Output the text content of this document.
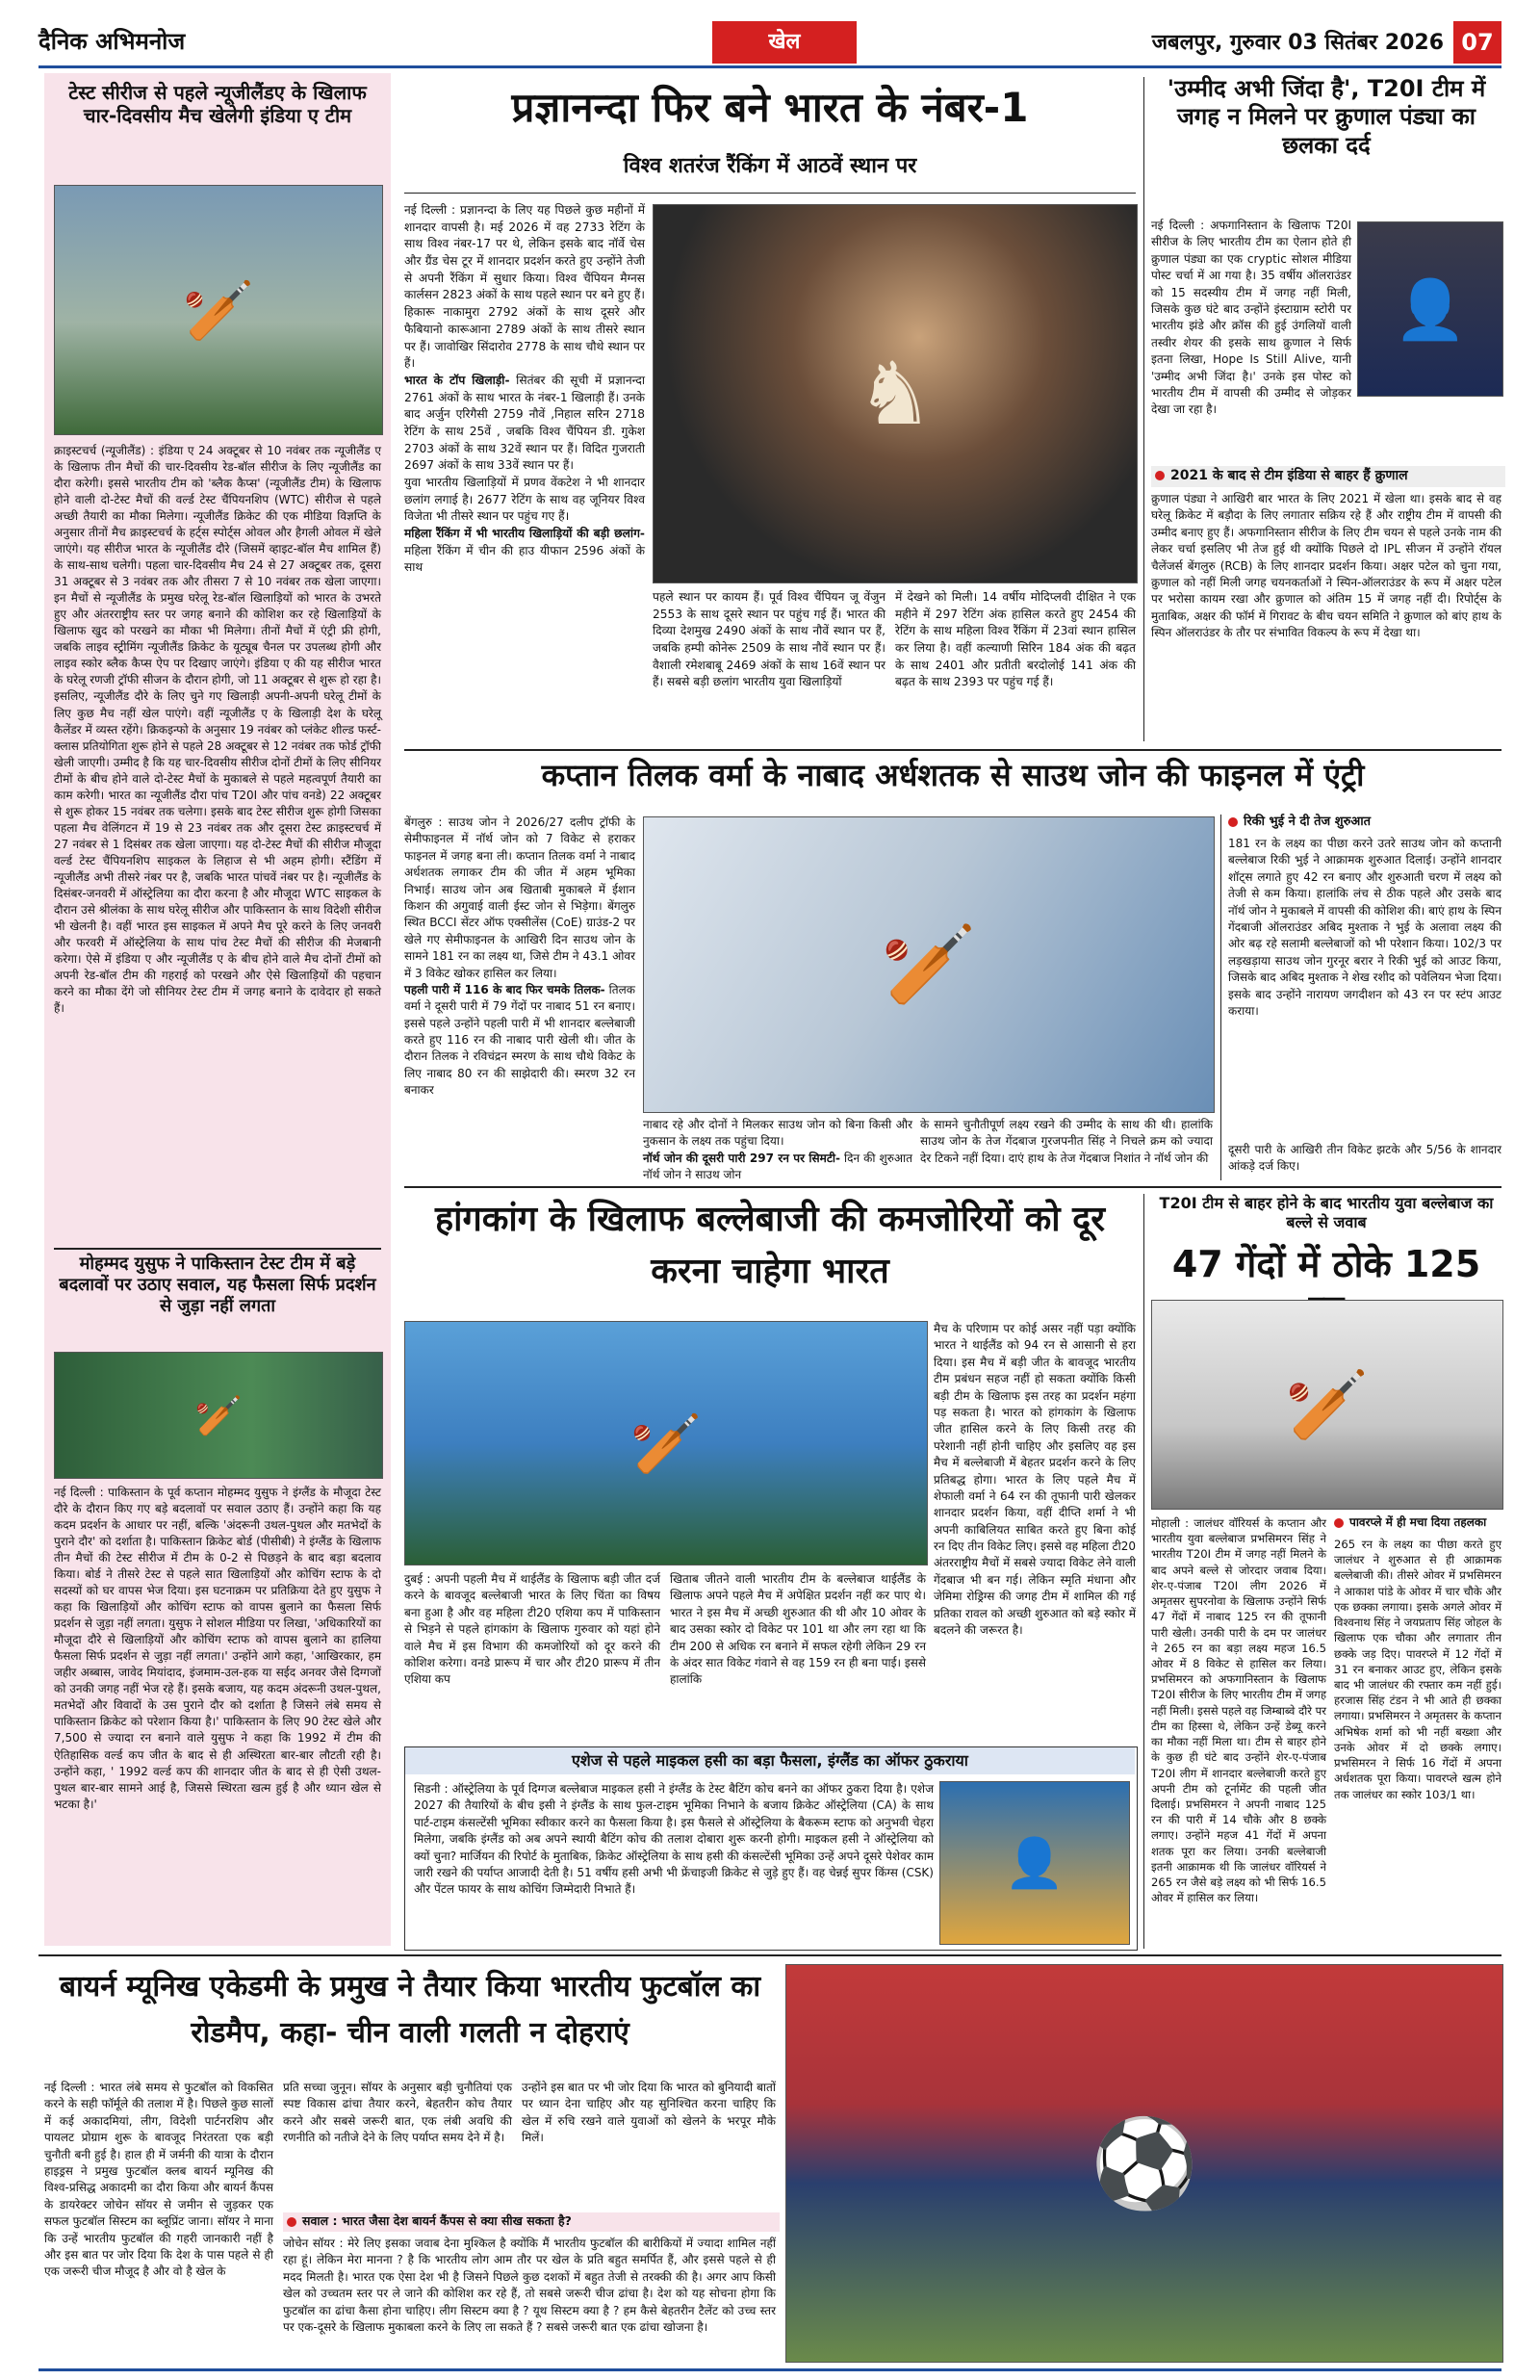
दैनिक अभिमनोज	खेल	जबलपुर, गुरुवार 03 सितंबर 2026 07
टेस्ट सीरीज से पहले न्यूजीलैंडए के खिलाफ चार-दिवसीय मैच खेलेगी इंडिया ए टीम
🏏
क्राइस्टचर्च (न्यूजीलैंड) : इंडिया ए 24 अक्टूबर से 10 नवंबर तक न्यूजीलैंड ए के खिलाफ तीन मैचों की चार-दिवसीय रेड-बॉल सीरीज के लिए न्यूजीलैंड का दौरा करेगी। इससे भारतीय टीम को 'ब्लैक कैप्स' (न्यूजीलैंड टीम) के खिलाफ होने वाली दो-टेस्ट मैचों की वर्ल्ड टेस्ट चैंपियनशिप (WTC) सीरीज से पहले अच्छी तैयारी का मौका मिलेगा। न्यूजीलैंड क्रिकेट की एक मीडिया विज्ञप्ति के अनुसार तीनों मैच क्राइस्टचर्च के हर्ट्स स्पोर्ट्स ओवल और हैगली ओवल में खेले जाएंगे। यह सीरीज भारत के न्यूजीलैंड दौरे (जिसमें व्हाइट-बॉल मैच शामिल हैं) के साथ-साथ चलेगी। पहला चार-दिवसीय मैच 24 से 27 अक्टूबर तक, दूसरा 31 अक्टूबर से 3 नवंबर तक और तीसरा 7 से 10 नवंबर तक खेला जाएगा। इन मैचों से न्यूजीलैंड के प्रमुख घरेलू रेड-बॉल खिलाड़ियों को भारत के उभरते हुए और अंतरराष्ट्रीय स्तर पर जगह बनाने की कोशिश कर रहे खिलाड़ियों के खिलाफ खुद को परखने का मौका भी मिलेगा। तीनों मैचों में एंट्री फ्री होगी, जबकि लाइव स्ट्रीमिंग न्यूजीलैंड क्रिकेट के यूट्यूब चैनल पर उपलब्ध होगी और लाइव स्कोर ब्लैक कैप्स ऐप पर दिखाए जाएंगे। इंडिया ए की यह सीरीज भारत के घरेलू रणजी ट्रॉफी सीजन के दौरान होगी, जो 11 अक्टूबर से शुरू हो रहा है। इसलिए, न्यूजीलैंड दौरे के लिए चुने गए खिलाड़ी अपनी-अपनी घरेलू टीमों के लिए कुछ मैच नहीं खेल पाएंगे। वहीं न्यूजीलैंड ए के खिलाड़ी देश के घरेलू कैलेंडर में व्यस्त रहेंगे। क्रिकइन्फो के अनुसार 19 नवंबर को प्लंकेट शील्ड फर्स्ट-क्लास प्रतियोगिता शुरू होने से पहले 28 अक्टूबर से 12 नवंबर तक फोर्ड ट्रॉफी खेली जाएगी। उम्मीद है कि यह चार-दिवसीय सीरीज दोनों टीमों के लिए सीनियर टीमों के बीच होने वाले दो-टेस्ट मैचों के मुकाबले से पहले महत्वपूर्ण तैयारी का काम करेगी। भारत का न्यूजीलैंड दौरा पांच T20I और पांच वनडे) 22 अक्टूबर से शुरू होकर 15 नवंबर तक चलेगा। इसके बाद टेस्ट सीरीज शुरू होगी जिसका पहला मैच वेलिंगटन में 19 से 23 नवंबर तक और दूसरा टेस्ट क्राइस्टचर्च में 27 नवंबर से 1 दिसंबर तक खेला जाएगा। यह दो-टेस्ट मैचों की सीरीज मौजूदा वर्ल्ड टेस्ट चैंपियनशिप साइकल के लिहाज से भी अहम होगी। स्टैंडिंग में न्यूजीलैंड अभी तीसरे नंबर पर है, जबकि भारत पांचवें नंबर पर है। न्यूजीलैंड के दिसंबर-जनवरी में ऑस्ट्रेलिया का दौरा करना है और मौजूदा WTC साइकल के दौरान उसे श्रीलंका के साथ घरेलू सीरीज और पाकिस्तान के साथ विदेशी सीरीज भी खेलनी है। वहीं भारत इस साइकल में अपने मैच पूरे करने के लिए जनवरी और फरवरी में ऑस्ट्रेलिया के साथ पांच टेस्ट मैचों की सीरीज की मेजबानी करेगा। ऐसे में इंडिया ए और न्यूजीलैंड ए के बीच होने वाले मैच दोनों टीमों को अपनी रेड-बॉल टीम की गहराई को परखने और ऐसे खिलाड़ियों की पहचान करने का मौका देंगे जो सीनियर टेस्ट टीम में जगह बनाने के दावेदार हो सकते हैं।
मोहम्मद युसुफ ने पाकिस्तान टेस्ट टीम में बड़े बदलावों पर उठाए सवाल, यह फैसला सिर्फ प्रदर्शन से जुड़ा नहीं लगता
🏏
नई दिल्ली : पाकिस्तान के पूर्व कप्तान मोहम्मद युसुफ ने इंग्लैंड के मौजूदा टेस्ट दौरे के दौरान किए गए बड़े बदलावों पर सवाल उठाए हैं। उन्होंने कहा कि यह कदम प्रदर्शन के आधार पर नहीं, बल्कि 'अंदरूनी उथल-पुथल और मतभेदों के पुराने दौर' को दर्शाता है। पाकिस्तान क्रिकेट बोर्ड (पीसीबी) ने इंग्लैंड के खिलाफ तीन मैचों की टेस्ट सीरीज में टीम के 0-2 से पिछड़ने के बाद बड़ा बदलाव किया। बोर्ड ने तीसरे टेस्ट से पहले सात खिलाड़ियों और कोचिंग स्टाफ के दो सदस्यों को घर वापस भेज दिया। इस घटनाक्रम पर प्रतिक्रिया देते हुए युसुफ ने कहा कि खिलाड़ियों और कोचिंग स्टाफ को वापस बुलाने का फैसला सिर्फ प्रदर्शन से जुड़ा नहीं लगता। युसुफ ने सोशल मीडिया पर लिखा, 'अधिकारियों का मौजूदा दौरे से खिलाड़ियों और कोचिंग स्टाफ को वापस बुलाने का हालिया फैसला सिर्फ प्रदर्शन से जुड़ा नहीं लगता।' उन्होंने आगे कहा, 'आखिरकार, हम जहीर अब्बास, जावेद मियांदाद, इंजमाम-उल-हक या सईद अनवर जैसे दिग्गजों को उनकी जगह नहीं भेज रहे हैं। इसके बजाय, यह कदम अंदरूनी उथल-पुथल, मतभेदों और विवादों के उस पुराने दौर को दर्शाता है जिसने लंबे समय से पाकिस्तान क्रिकेट को परेशान किया है।' पाकिस्तान के लिए 90 टेस्ट खेले और 7,500 से ज्यादा रन बनाने वाले युसुफ ने कहा कि 1992 में टीम की ऐतिहासिक वर्ल्ड कप जीत के बाद से ही अस्थिरता बार-बार लौटती रही है। उन्होंने कहा, ' 1992 वर्ल्ड कप की शानदार जीत के बाद से ही ऐसी उथल-पुथल बार-बार सामने आई है, जिससे स्थिरता खत्म हुई है और ध्यान खेल से भटका है।'
प्रज्ञानन्दा फिर बने भारत के नंबर-1
विश्व शतरंज रैंकिंग में आठवें स्थान पर
नई दिल्ली : प्रज्ञानन्दा के लिए यह पिछले कुछ महीनों में शानदार वापसी है। मई 2026 में वह 2733 रेटिंग के साथ विश्व नंबर-17 पर थे, लेकिन इसके बाद नॉर्वे चेस और ग्रैंड चेस टूर में शानदार प्रदर्शन करते हुए उन्होंने तेजी से अपनी रैंकिंग में सुधार किया। विश्व चैंपियन मैग्नस कार्लसन 2823 अंकों के साथ पहले स्थान पर बने हुए हैं। हिकारू नाकामुरा 2792 अंकों के साथ दूसरे और फैबियानो कारूआना 2789 अंकों के साथ तीसरे स्थान पर हैं। जावोखिर सिंदारोव 2778 के साथ चौथे स्थान पर हैं।
भारत के टॉप खिलाड़ी- सितंबर की सूची में प्रज्ञानन्दा 2761 अंकों के साथ भारत के नंबर-1 खिलाड़ी हैं। उनके बाद अर्जुन एरिगैसी 2759 नौवें ,निहाल सरिन 2718 रेटिंग के साथ 25वें , जबकि विश्व चैंपियन डी. गुकेश 2703 अंकों के साथ 32वें स्थान पर हैं। विदित गुजराती 2697 अंकों के साथ 33वें स्थान पर हैं।
युवा भारतीय खिलाड़ियों में प्रणव वेंकटेश ने भी शानदार छलांग लगाई है। 2677 रेटिंग के साथ वह जूनियर विश्व विजेता भी तीसरे स्थान पर पहुंच गए हैं।
महिला रैंकिंग में भी भारतीय खिलाड़ियों की बड़ी छलांग- महिला रैंकिंग में चीन की हाउ यीफान 2596 अंकों के साथ
♞
पहले स्थान पर कायम हैं। पूर्व विश्व चैंपियन जू वेंजुन 2553 के साथ दूसरे स्थान पर पहुंच गई हैं। भारत की दिव्या देशमुख 2490 अंकों के साथ नौवें स्थान पर हैं, जबकि हम्पी कोनेरू 2509 के साथ नौवें स्थान पर हैं। वैशाली रमेशबाबू 2469 अंकों के साथ 16वें स्थान पर हैं। सबसे बड़ी छलांग भारतीय युवा खिलाड़ियों
में देखने को मिली। 14 वर्षीय मोदिप्लवी दीक्षित ने एक महीने में 297 रेटिंग अंक हासिल करते हुए 2454 की रेटिंग के साथ महिला विश्व रैंकिंग में 23वां स्थान हासिल कर लिया है। वहीं कल्याणी सिरिन 184 अंक की बढ़त के साथ 2401 और प्रतीती बरदोलोई 141 अंक की बढ़त के साथ 2393 पर पहुंच गई हैं।
'उम्मीद अभी जिंदा है', T20I टीम में जगह न मिलने पर क्रुणाल पंड्या का छलका दर्द
नई दिल्ली : अफगानिस्तान के खिलाफ T20I सीरीज के लिए भारतीय टीम का ऐलान होते ही क्रुणाल पंड्या का एक cryptic सोशल मीडिया पोस्ट चर्चा में आ गया है। 35 वर्षीय ऑलराउंडर को 15 सदस्यीय टीम में जगह नहीं मिली, जिसके कुछ घंटे बाद उन्होंने इंस्टाग्राम स्टोरी पर भारतीय झंडे और क्रॉस की हुई उंगलियों वाली तस्वीर शेयर की इसके साथ क्रुणाल ने सिर्फ इतना लिखा, Hope Is Still Alive, यानी 'उम्मीद अभी जिंदा है।' उनके इस पोस्ट को भारतीय टीम में वापसी की उम्मीद से जोड़कर देखा जा रहा है।
👤
2021 के बाद से टीम इंडिया से बाहर हैं क्रुणाल
क्रुणाल पंड्या ने आखिरी बार भारत के लिए 2021 में खेला था। इसके बाद से वह घरेलू क्रिकेट में बड़ौदा के लिए लगातार सक्रिय रहे हैं और राष्ट्रीय टीम में वापसी की उम्मीद बनाए हुए हैं। अफगानिस्तान सीरीज के लिए टीम चयन से पहले उनके नाम की लेकर चर्चा इसलिए भी तेज हुई थी क्योंकि पिछले दो IPL सीजन में उन्होंने रॉयल चैलेंजर्स बेंगलुरु (RCB) के लिए शानदार प्रदर्शन किया। अक्षर पटेल को चुना गया, क्रुणाल को नहीं मिली जगह चयनकर्ताओं ने स्पिन-ऑलराउंडर के रूप में अक्षर पटेल पर भरोसा कायम रखा और क्रुणाल को अंतिम 15 में जगह नहीं दी। रिपोर्ट्स के मुताबिक, अक्षर की फॉर्म में गिरावट के बीच चयन समिति ने क्रुणाल को बांए हाथ के स्पिन ऑलराउंडर के तौर पर संभावित विकल्प के रूप में देखा था।
कप्तान तिलक वर्मा के नाबाद अर्धशतक से साउथ जोन की फाइनल में एंट्री
बेंगलुरु : साउथ जोन ने 2026/27 दलीप ट्रॉफी के सेमीफाइनल में नॉर्थ जोन को 7 विकेट से हराकर फाइनल में जगह बना ली। कप्तान तिलक वर्मा ने नाबाद अर्धशतक लगाकर टीम की जीत में अहम भूमिका निभाई। साउथ जोन अब खिताबी मुकाबले में ईशान किशन की अगुवाई वाली ईस्ट जोन से भिड़ेगा। बेंगलुरु स्थित BCCI सेंटर ऑफ एक्सीलेंस (CoE) ग्राउंड-2 पर खेले गए सेमीफाइनल के आखिरी दिन साउथ जोन के सामने 181 रन का लक्ष्य था, जिसे टीम ने 43.1 ओवर में 3 विकेट खोकर हासिल कर लिया।
पहली पारी में 116 के बाद फिर चमके तिलक- तिलक वर्मा ने दूसरी पारी में 79 गेंदों पर नाबाद 51 रन बनाए। इससे पहले उन्होंने पहली पारी में भी शानदार बल्लेबाजी करते हुए 116 रन की नाबाद पारी खेली थी। जीत के दौरान तिलक ने रविचंद्रन स्मरण के साथ चौथे विकेट के लिए नाबाद 80 रन की साझेदारी की। स्मरण 32 रन बनाकर
🏏
नाबाद रहे और दोनों ने मिलकर साउथ जोन को बिना किसी और नुकसान के लक्ष्य तक पहुंचा दिया।
नॉर्थ जोन की दूसरी पारी 297 रन पर सिमटी- दिन की शुरुआत नॉर्थ जोन ने साउथ जोन
के सामने चुनौतीपूर्ण लक्ष्य रखने की उम्मीद के साथ की थी। हालांकि साउथ जोन के तेज गेंदबाज गुरजपनीत सिंह ने निचले क्रम को ज्यादा देर टिकने नहीं दिया। दाएं हाथ के तेज गेंदबाज निशांत ने नॉर्थ जोन की
रिकी भुई ने दी तेज शुरुआत
181 रन के लक्ष्य का पीछा करने उतरे साउथ जोन को कप्तानी बल्लेबाज रिकी भुई ने आक्रामक शुरुआत दिलाई। उन्होंने शानदार शॉट्स लगाते हुए 42 रन बनाए और शुरुआती चरण में लक्ष्य को तेजी से कम किया। हालांकि लंच से ठीक पहले और उसके बाद नॉर्थ जोन ने मुकाबले में वापसी की कोशिश की। बाएं हाथ के स्पिन गेंदबाजी ऑलराउंडर अबिद मुश्ताक ने भुई के अलावा लक्ष्य की ओर बढ़ रहे सलामी बल्लेबाजों को भी परेशान किया। 102/3 पर लड़खड़ाया साउथ जोन गुरनूर बरार ने रिकी भुई को आउट किया, जिसके बाद अबिद मुश्ताक ने शेख रशीद को पवेलियन भेजा दिया। इसके बाद उन्होंने नारायण जगदीशन को 43 रन पर स्टंप आउट कराया।
दूसरी पारी के आखिरी तीन विकेट झटके और 5/56 के शानदार आंकड़े दर्ज किए।
हांगकांग के खिलाफ बल्लेबाजी की कमजोरियों को दूर करना चाहेगा भारत
🏏
मैच के परिणाम पर कोई असर नहीं पड़ा क्योंकि भारत ने थाईलैंड को 94 रन से आसानी से हरा दिया। इस मैच में बड़ी जीत के बावजूद भारतीय टीम प्रबंधन सहज नहीं हो सकता क्योंकि किसी बड़ी टीम के खिलाफ इस तरह का प्रदर्शन महंगा पड़ सकता है। भारत को हांगकांग के खिलाफ जीत हासिल करने के लिए किसी तरह की परेशानी नहीं होनी चाहिए और इसलिए वह इस मैच में बल्लेबाजी में बेहतर प्रदर्शन करने के लिए प्रतिबद्ध होगा। भारत के लिए पहले मैच में शेफाली वर्मा ने 64 रन की तूफानी पारी खेलकर शानदार प्रदर्शन किया, वहीं दीप्ति शर्मा ने भी अपनी काबिलियत साबित करते हुए बिना कोई रन दिए तीन विकेट लिए। इससे वह महिला टी20 अंतरराष्ट्रीय मैचों में सबसे ज्यादा विकेट लेने वाली गेंदबाज भी बन गई। लेकिन स्मृति मंधाना और जेमिमा रोड्रिग्स की जगह टीम में शामिल की गई प्रतिका रावल को अच्छी शुरुआत को बड़े स्कोर में बदलने की जरूरत है।
दुबई : अपनी पहली मैच में थाईलैंड के खिलाफ बड़ी जीत दर्ज करने के बावजूद बल्लेबाजी भारत के लिए चिंता का विषय बना हुआ है और वह महिला टी20 एशिया कप में पाकिस्तान से भिड़ने से पहले हांगकांग के खिलाफ गुरुवार को यहां होने वाले मैच में इस विभाग की कमजोरियों को दूर करने की कोशिश करेगा। वनडे प्रारूप में चार और टी20 प्रारूप में तीन एशिया कप
खिताब जीतने वाली भारतीय टीम के बल्लेबाज थाईलैंड के खिलाफ अपने पहले मैच में अपेक्षित प्रदर्शन नहीं कर पाए थे। भारत ने इस मैच में अच्छी शुरुआत की थी और 10 ओवर के बाद उसका स्कोर दो विकेट पर 101 था और लग रहा था कि टीम 200 से अधिक रन बनाने में सफल रहेगी लेकिन 29 रन के अंदर सात विकेट गंवाने से वह 159 रन ही बना पाई। इससे हालांकि
एशेज से पहले माइकल हसी का बड़ा फैसला, इंग्लैंड का ऑफर ठुकराया
सिडनी : ऑस्ट्रेलिया के पूर्व दिग्गज बल्लेबाज माइकल हसी ने इंग्लैंड के टेस्ट बैटिंग कोच बनने का ऑफर ठुकरा दिया है। एशेज 2027 की तैयारियों के बीच इसी ने इंग्लैंड के साथ फुल-टाइम भूमिका निभाने के बजाय क्रिकेट ऑस्ट्रेलिया (CA) के साथ पार्ट-टाइम कंसल्टेंसी भूमिका स्वीकार करने का फैसला किया है। इस फैसले से ऑस्ट्रेलिया के बैकरूम स्टाफ को अनुभवी चेहरा मिलेगा, जबकि इंग्लैंड को अब अपने स्थायी बैटिंग कोच की तलाश दोबारा शुरू करनी होगी। माइकल हसी ने ऑस्ट्रेलिया को क्यों चुना? मार्जियन की रिपोर्ट के मुताबिक, क्रिकेट ऑस्ट्रेलिया के साथ हसी की कंसल्टेंसी भूमिका उन्हें अपने दूसरे पेशेवर काम जारी रखने की पर्याप्त आजादी देती है। 51 वर्षीय हसी अभी भी फ्रेंचाइजी क्रिकेट से जुड़े हुए हैं। वह चेन्नई सुपर किंग्स (CSK) और पेंटल फायर के साथ कोचिंग जिम्मेदारी निभाते हैं।	👤
T20I टीम से बाहर होने के बाद भारतीय युवा बल्लेबाज का बल्ले से जवाब
47 गेंदों में ठोके 125
🏏
मोहाली : जालंधर वॉरियर्स के कप्तान और भारतीय युवा बल्लेबाज प्रभसिमरन सिंह ने भारतीय T20I टीम में जगह नहीं मिलने के बाद अपने बल्ले से जोरदार जवाब दिया। शेर-ए-पंजाब T20I लीग 2026 में अमृतसर सुपरनोवा के खिलाफ उन्होंने सिर्फ 47 गेंदों में नाबाद 125 रन की तूफानी पारी खेली। उनकी पारी के दम पर जालंधर ने 265 रन का बड़ा लक्ष्य महज 16.5 ओवर में 8 विकेट से हासिल कर लिया। प्रभसिमरन को अफगानिस्तान के खिलाफ T20I सीरीज के लिए भारतीय टीम में जगह नहीं मिली। इससे पहले वह जिम्बाब्वे दौरे पर टीम का हिस्सा थे, लेकिन उन्हें डेब्यू करने का मौका नहीं मिला था। टीम से बाहर होने के कुछ ही घंटे बाद उन्होंने शेर-ए-पंजाब T20I लीग में शानदार बल्लेबाजी करते हुए अपनी टीम को टूर्नामेंट की पहली जीत दिलाई। प्रभसिमरन ने अपनी नाबाद 125 रन की पारी में 14 चौके और 8 छक्के लगाए। उन्होंने महज 41 गेंदों में अपना शतक पूरा कर लिया। उनकी बल्लेबाजी इतनी आक्रामक थी कि जालंधर वॉरियर्स ने 265 रन जैसे बड़े लक्ष्य को भी सिर्फ 16.5 ओवर में हासिल कर लिया।
पावरप्ले में ही मचा दिया तहलका
265 रन के लक्ष्य का पीछा करते हुए जालंधर ने शुरुआत से ही आक्रामक बल्लेबाजी की। तीसरे ओवर में प्रभसिमरन ने आकाश पांडे के ओवर में चार चौके और एक छक्का लगाया। इसके अगले ओवर में विश्वनाथ सिंह ने जयप्रताप सिंह जोहल के खिलाफ एक चौका और लगातार तीन छक्के जड़ दिए। पावरप्ले में 12 गेंदों में 31 रन बनाकर आउट हुए, लेकिन इसके बाद भी जालंधर की रफ्तार कम नहीं हुई। हरजास सिंह टंडन ने भी आते ही छक्का लगाया। प्रभसिमरन ने अमृतसर के कप्तान अभिषेक शर्मा को भी नहीं बख्शा और उनके ओवर में दो छक्के लगाए। प्रभसिमरन ने सिर्फ 16 गेंदों में अपना अर्धशतक पूरा किया। पावरप्ले खत्म होने तक जालंधर का स्कोर 103/1 था।
बायर्न म्यूनिख एकेडमी के प्रमुख ने तैयार किया भारतीय फुटबॉल का रोडमैप, कहा- चीन वाली गलती न दोहराएं
नई दिल्ली : भारत लंबे समय से फुटबॉल को विकसित करने के सही फॉर्मूले की तलाश में है। पिछले कुछ सालों में कई अकादमियां, लीग, विदेशी पार्टनरशिप और पायलट प्रोग्राम शुरू के बावजूद निरंतरता एक बड़ी चुनौती बनी हुई है। हाल ही में जर्मनी की यात्रा के दौरान हाइड्रस ने प्रमुख फुटबॉल क्लब बायर्न म्यूनिख की विश्व-प्रसिद्ध अकादमी का दौरा किया और बायर्न कैंपस के डायरेक्टर जोचेन सॉयर से जमीन से जुड़कर एक सफल फुटबॉल सिस्टम का ब्लूप्रिंट जाना। सॉयर ने माना कि उन्हें भारतीय फुटबॉल की गहरी जानकारी नहीं है और इस बात पर जोर दिया कि देश के पास पहले से ही एक जरूरी चीज मौजूद है और वो है खेल के
प्रति सच्चा जुनून। सॉयर के अनुसार बड़ी चुनौतियां एक स्पष्ट विकास ढांचा तैयार करने, बेहतरीन कोच तैयार करने और सबसे जरूरी बात, एक लंबी अवधि की रणनीति को नतीजे देने के लिए पर्याप्त समय देने में है।
उन्होंने इस बात पर भी जोर दिया कि भारत को बुनियादी बातों पर ध्यान देना चाहिए और यह सुनिश्चित करना चाहिए कि खेल में रुचि रखने वाले युवाओं को खेलने के भरपूर मौके मिलें।
सवाल : भारत जैसा देश बायर्न कैंपस से क्या सीख सकता है?
जोचेन सॉयर : मेरे लिए इसका जवाब देना मुश्किल है क्योंकि मैं भारतीय फुटबॉल की बारीकियों में ज्यादा शामिल नहीं रहा हूं। लेकिन मेरा मानना ? है कि भारतीय लोग आम तौर पर खेल के प्रति बहुत समर्पित हैं, और इससे पहले से ही मदद मिलती है। भारत एक ऐसा देश भी है जिसने पिछले कुछ दशकों में बहुत तेजी से तरक्की की है। अगर आप किसी खेल को उच्चतम स्तर पर ले जाने की कोशिश कर रहे हैं, तो सबसे जरूरी चीज ढांचा है। देश को यह सोचना होगा कि फुटबॉल का ढांचा कैसा होना चाहिए। लीग सिस्टम क्या है ? यूथ सिस्टम क्या है ? हम कैसे बेहतरीन टैलेंट को उच्च स्तर पर एक-दूसरे के खिलाफ मुकाबला करने के लिए ला सकते हैं ? सबसे जरूरी बात एक ढांचा खोजना है।
⚽
